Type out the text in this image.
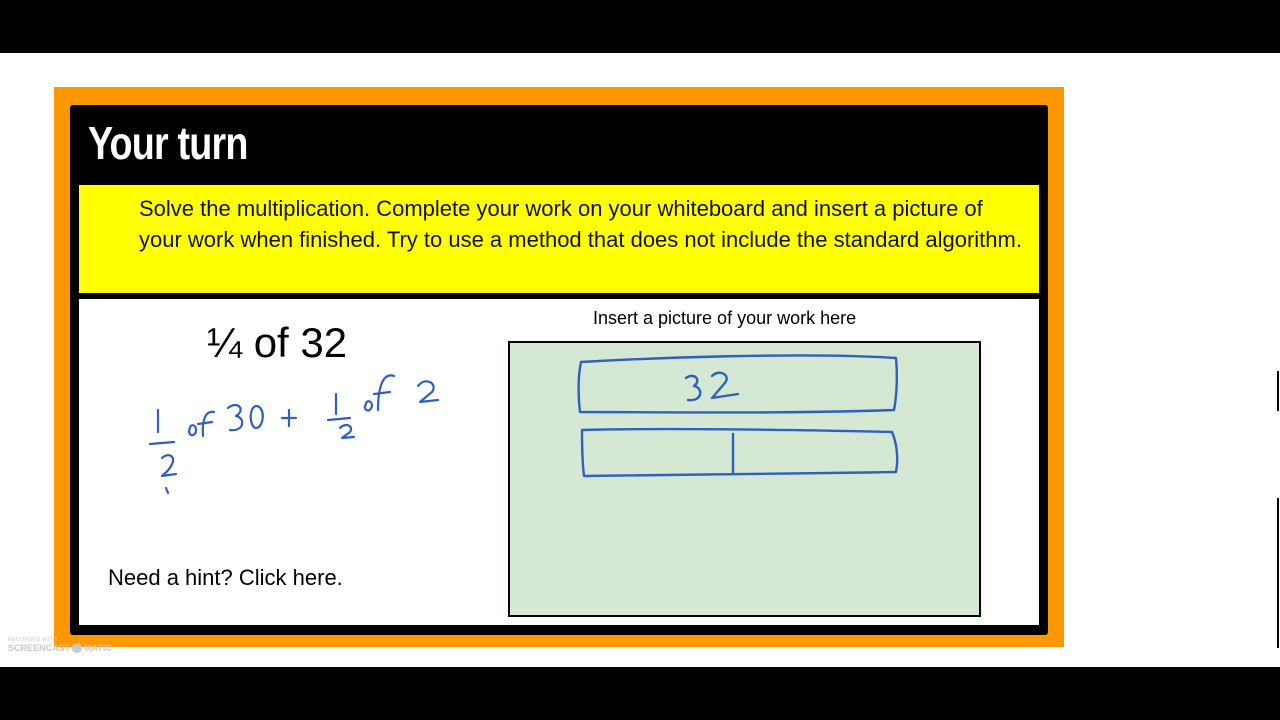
Your turn

Solve the multiplication. Complete your work on your whiteboard and insert a picture of your work when finished. Try to use a method that does not include the standard algorithm.

¼ of 32

Insert a picture of your work here
Need a hint? Click here.
RECORDED WITH
SCREENCAST MATIC
